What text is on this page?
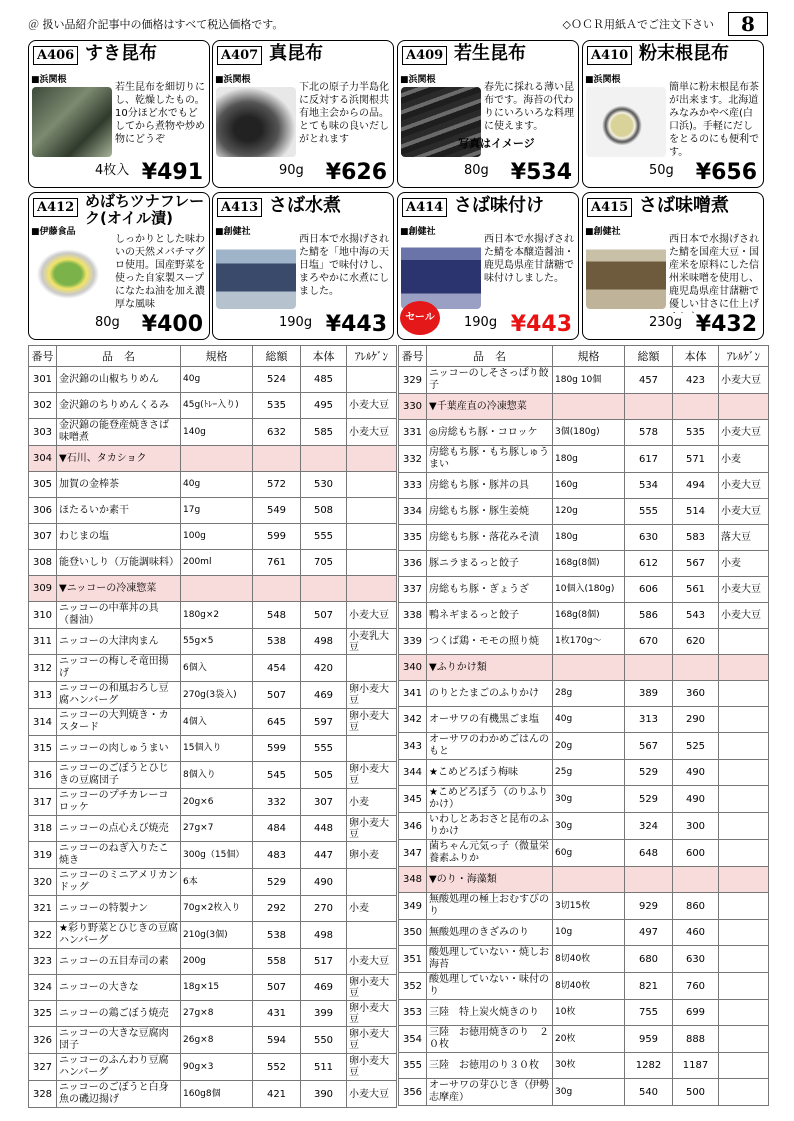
＠ 扱い品紹介記事中の価格はすべて税込価格です。	◇ＯＣＲ用紙Ａでご注文下さい	8
A406 すき昆布
■浜関根
若生昆布を細切りにし、乾燥したもの。10分ほど水でもどしてから煮物や炒め物にどうぞ
4枚入 ¥491
A407 真昆布
■浜関根
下北の原子力半島化に反対する浜関根共有地主会からの品。とても味の良いだしがとれます
90g ¥626
A409 若生昆布
■浜関根
春先に採れる薄い昆布です。海苔の代わりにいろいろな料理に使えます。
写真はイメージ
80g ¥534
A410 粉末根昆布
■浜関根
簡単に粉末根昆布茶が出来ます。北海道みなみかやべ産(白口浜)。手軽にだしをとるのにも便利です。
50g ¥656
A412 めばちツナフレーク(オイル漬)
■伊藤食品
しっかりとした味わいの天然メバチマグロ使用。国産野菜を使った自家製スープになたね油を加え濃厚な風味
80g ¥400
A413 さば水煮
■創健社
西日本で水揚げされた鯖を「地中海の天日塩」で味付けし、まろやかに水煮にしました。
190g ¥443
A414 さば味付け
■創健社
西日本で水揚げされた鯖を本醸造醤油・鹿児島県産甘藷糖で味付けしました。
セール	190g ¥443
A415 さば味噌煮
■創健社
西日本で水揚げされた鯖を国産大豆・国産米を原料にした信州米味噌を使用し、鹿児島県産甘藷糖で優しい甘さに仕上げ
230g ¥432
番号	品　名	規格	総額	本体	ｱﾚﾙｹﾞﾝ
301	金沢錦の山椒ちりめん	40g	524	485	
302	金沢錦のちりめんくるみ	45g(ﾄﾚｰ入り)	535	495	小麦大豆
303	金沢錦の能登産焼きさば味噌煮	140g	632	585	小麦大豆
304	▼石川、タカショク				
305	加賀の金棒茶	40g	572	530	
306	ほたるいか素干	17g	549	508	
307	わじまの塩	100g	599	555	
308	能登いしり（万能調味料）	200ml	761	705	
309	▼ニッコーの冷凍惣菜				
310	ニッコーの中華丼の具（醤油）	180g×2	548	507	小麦大豆
311	ニッコーの大津肉まん	55g×5	538	498	小麦乳大豆
312	ニッコーの梅しそ竜田揚げ	6個入	454	420	
313	ニッコーの和風おろし豆腐ハンバーグ	270g(3袋入)	507	469	卵小麦大豆
314	ニッコーの大判焼き・カスタード	4個入	645	597	卵小麦大豆
315	ニッコーの肉しゅうまい	15個入り	599	555	
316	ニッコーのごぼうとひじきの豆腐団子	8個入り	545	505	卵小麦大豆
317	ニッコーのプチカレーコロッケ	20g×6	332	307	小麦
318	ニッコーの点心えび焼売	27g×7	484	448	卵小麦大豆
319	ニッコーのねぎ入りたこ焼き	300g（15個）	483	447	卵小麦
320	ニッコーのミニアメリカンドッグ	6本	529	490	
321	ニッコーの特製ナン	70g×2枚入り	292	270	小麦
322	★彩り野菜とひじきの豆腐ハンバーグ	210g(3個)	538	498	
323	ニッコーの五目寿司の素	200g	558	517	小麦大豆
324	ニッコーの大きな	18g×15	507	469	卵小麦大豆
325	ニッコーの鶏ごぼう焼売	27g×8	431	399	卵小麦大豆
326	ニッコーの大きな豆腐肉団子	26g×8	594	550	卵小麦大豆
327	ニッコーのふんわり豆腐ハンバーグ	90g×3	552	511	卵小麦大豆
328	ニッコーのごぼうと白身魚の磯辺揚げ	160g8個	421	390	小麦大豆
番号	品　名	規格	総額	本体	ｱﾚﾙｹﾞﾝ
329	ニッコーのしそさっぱり餃子	180g 10個	457	423	小麦大豆
330	▼千葉産直の冷凍惣菜				
331	◎房総もち豚・コロッケ	3個(180g)	578	535	小麦大豆
332	房総もち豚・もち豚しゅうまい	180g	617	571	小麦
333	房総もち豚・豚丼の具	160g	534	494	小麦大豆
334	房総もち豚・豚生姜焼	120g	555	514	小麦大豆
335	房総もち豚・落花みそ漬	180g	630	583	落大豆
336	豚ニラまるっと餃子	168g(8個)	612	567	小麦
337	房総もち豚・ぎょうざ	10個入(180g)	606	561	小麦大豆
338	鴨ネギまるっと餃子	168g(8個)	586	543	小麦大豆
339	つくば鶏・モモの照り焼	1枚170g～	670	620	
340	▼ふりかけ類				
341	のりとたまごのふりかけ	28g	389	360	
342	オーサワの有機黒ごま塩	40g	313	290	
343	オーサワのわかめごはんのもと	20g	567	525	
344	★こめどろぼう梅味	25g	529	490	
345	★こめどろぼう（のりふりかけ）	30g	529	490	
346	いわしとあおさと昆布のふりかけ	30g	324	300	
347	菌ちゃん元気っ子（微量栄養素ふりか	60g	648	600	
348	▼のり・海藻類				
349	無酸処理の極上おむすびのり	3切15枚	929	860	
350	無酸処理のきざみのり	10g	497	460	
351	酸処理していない・焼しお海苔	8切40枚	680	630	
352	酸処理していない・味付のり	8切40枚	821	760	
353	三陸　特上炭火焼きのり	10枚	755	699	
354	三陸　お徳用焼きのり　２０枚	20枚	959	888	
355	三陸　お徳用のり３０枚	30枚	1282	1187	
356	オーサワの芽ひじき（伊勢志摩産）	30g	540	500	
